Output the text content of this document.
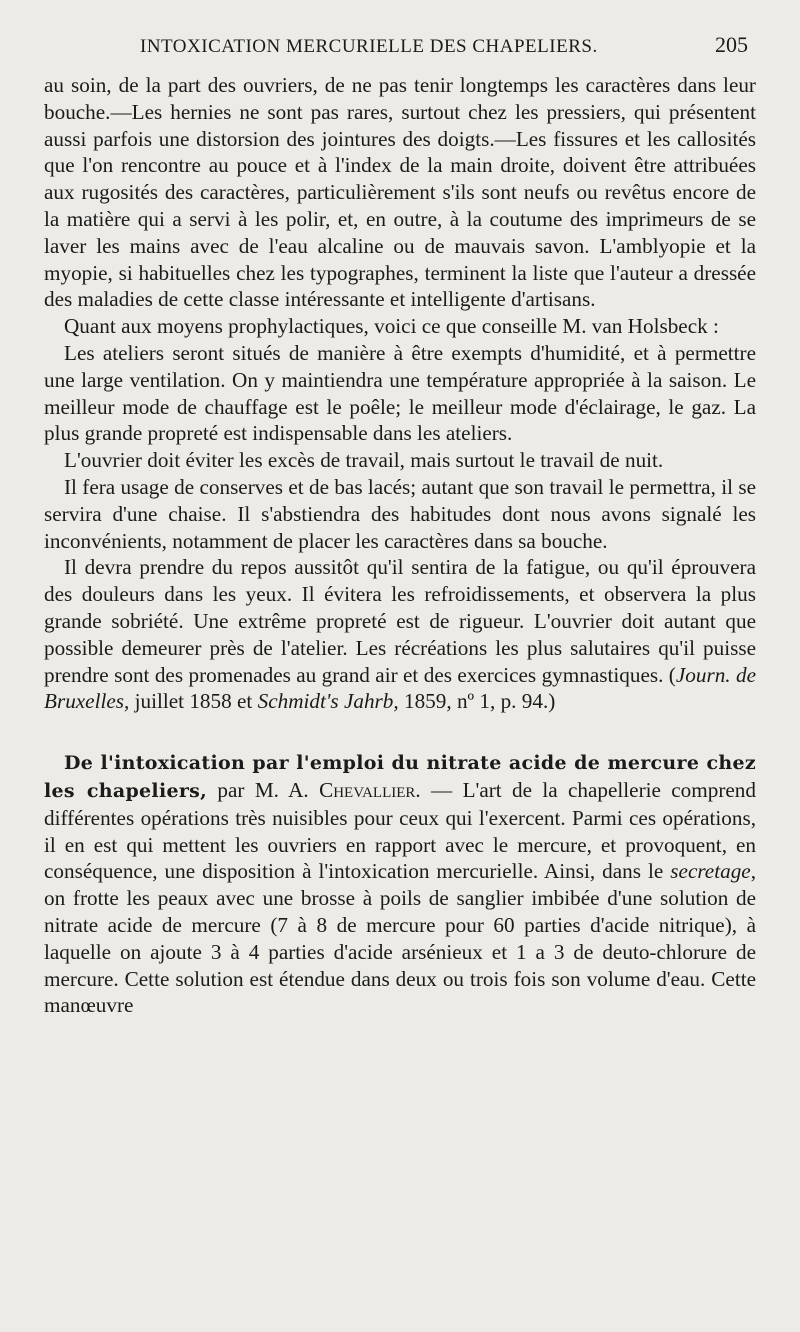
INTOXICATION MERCURIELLE DES CHAPELIERS.	205

au soin, de la part des ouvriers, de ne pas tenir longtemps les caractères dans leur bouche.—Les hernies ne sont pas rares, surtout chez les pressiers, qui présentent aussi parfois une distorsion des jointures des doigts.—Les fissures et les callosités que l'on rencontre au pouce et à l'index de la main droite, doivent être attribuées aux rugosités des caractères, particulièrement s'ils sont neufs ou revêtus encore de la matière qui a servi à les polir, et, en outre, à la coutume des imprimeurs de se laver les mains avec de l'eau alcaline ou de mauvais savon. L'amblyopie et la myopie, si habituelles chez les typographes, terminent la liste que l'auteur a dressée des maladies de cette classe intéressante et intelligente d'artisans.

Quant aux moyens prophylactiques, voici ce que conseille M. van Holsbeck :

Les ateliers seront situés de manière à être exempts d'humidité, et à permettre une large ventilation. On y maintiendra une température appropriée à la saison. Le meilleur mode de chauffage est le poêle; le meilleur mode d'éclairage, le gaz. La plus grande propreté est indispensable dans les ateliers.

L'ouvrier doit éviter les excès de travail, mais surtout le travail de nuit.

Il fera usage de conserves et de bas lacés; autant que son travail le permettra, il se servira d'une chaise. Il s'abstiendra des habitudes dont nous avons signalé les inconvénients, notamment de placer les caractères dans sa bouche.

Il devra prendre du repos aussitôt qu'il sentira de la fatigue, ou qu'il éprouvera des douleurs dans les yeux. Il évitera les refroidissements, et observera la plus grande sobriété. Une extrême propreté est de rigueur. L'ouvrier doit autant que possible demeurer près de l'atelier. Les récréations les plus salutaires qu'il puisse prendre sont des promenades au grand air et des exercices gymnastiques. (Journ. de Bruxelles, juillet 1858 et Schmidt's Jahrb, 1859, nº 1, p. 94.)

De l'intoxication par l'emploi du nitrate acide de mercure chez les chapeliers, par M. A. Chevallier. — L'art de la chapellerie comprend différentes opérations très nuisibles pour ceux qui l'exercent. Parmi ces opérations, il en est qui mettent les ouvriers en rapport avec le mercure, et provoquent, en conséquence, une disposition à l'intoxication mercurielle. Ainsi, dans le secretage, on frotte les peaux avec une brosse à poils de sanglier imbibée d'une solution de nitrate acide de mercure (7 à 8 de mercure pour 60 parties d'acide nitrique), à laquelle on ajoute 3 à 4 parties d'acide arsénieux et 1 a 3 de deuto-chlorure de mercure. Cette solution est étendue dans deux ou trois fois son volume d'eau. Cette manœuvre
